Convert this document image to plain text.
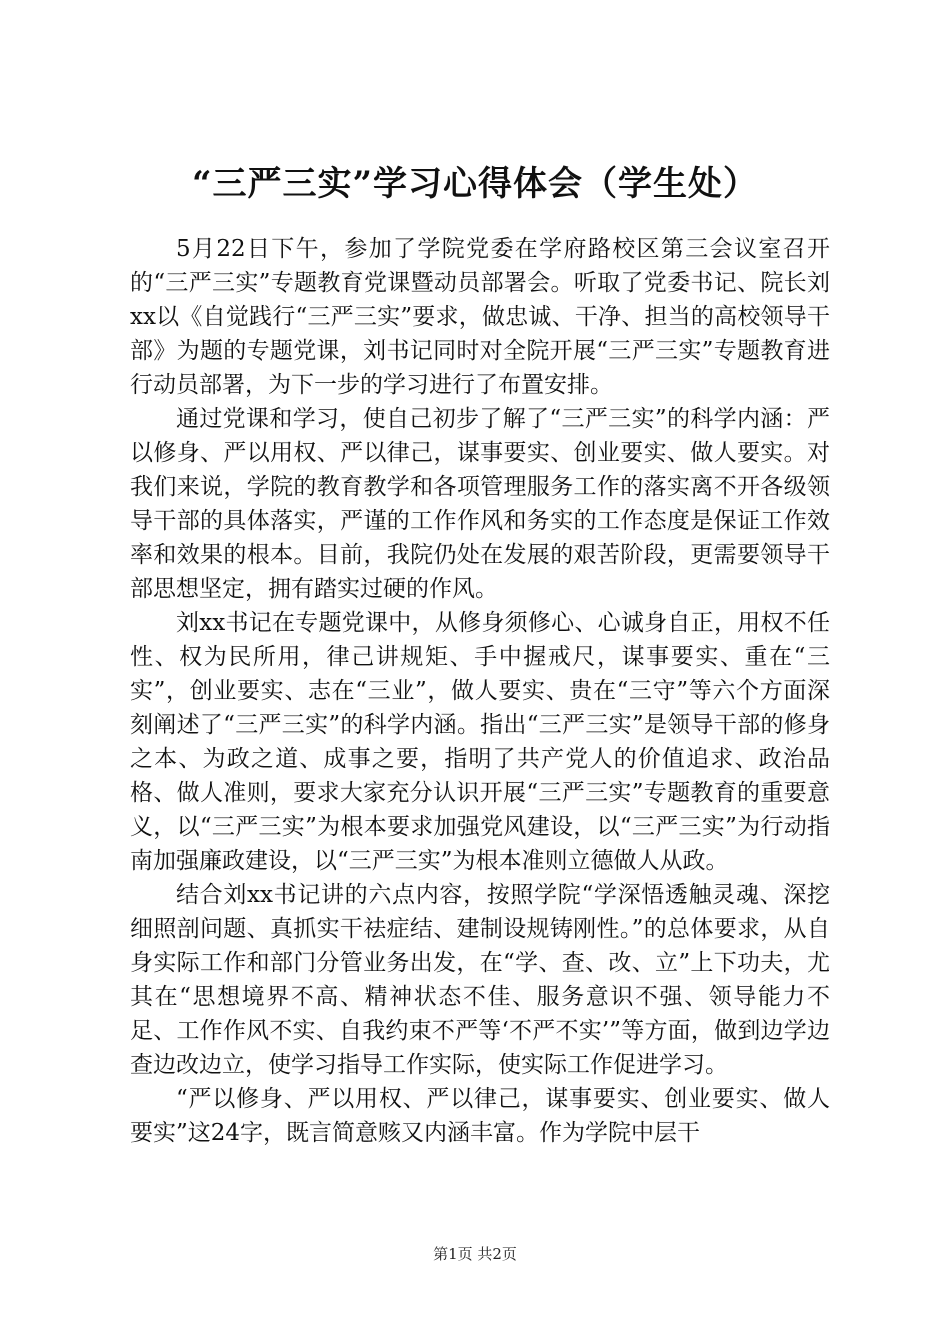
“三严三实”学习心得体会（学生处）

5月22日下午，参加了学院党委在学府路校区第三会议室召开的“三严三实”专题教育党课暨动员部署会。听取了党委书记、院长刘xx以《自觉践行“三严三实”要求，做忠诚、干净、担当的高校领导干部》为题的专题党课，刘书记同时对全院开展“三严三实”专题教育进行动员部署，为下一步的学习进行了布置安排。

通过党课和学习，使自己初步了解了“三严三实”的科学内涵：严以修身、严以用权、严以律己，谋事要实、创业要实、做人要实。对我们来说，学院的教育教学和各项管理服务工作的落实离不开各级领导干部的具体落实，严谨的工作作风和务实的工作态度是保证工作效率和效果的根本。目前，我院仍处在发展的艰苦阶段，更需要领导干部思想坚定，拥有踏实过硬的作风。

刘xx书记在专题党课中，从修身须修心、心诚身自正，用权不任性、权为民所用，律己讲规矩、手中握戒尺，谋事要实、重在“三实”，创业要实、志在“三业”，做人要实、贵在“三守”等六个方面深刻阐述了“三严三实”的科学内涵。指出“三严三实”是领导干部的修身之本、为政之道、成事之要，指明了共产党人的价值追求、政治品格、做人准则，要求大家充分认识开展“三严三实”专题教育的重要意义，以“三严三实”为根本要求加强党风建设，以“三严三实”为行动指南加强廉政建设，以“三严三实”为根本准则立德做人从政。

结合刘xx书记讲的六点内容，按照学院“学深悟透触灵魂、深挖细照剖问题、真抓实干祛症结、建制设规铸刚性。”的总体要求，从自身实际工作和部门分管业务出发，在“学、查、改、立”上下功夫，尤其在“思想境界不高、精神状态不佳、服务意识不强、领导能力不足、工作作风不实、自我约束不严等‘不严不实’”等方面，做到边学边查边改边立，使学习指导工作实际，使实际工作促进学习。

“严以修身、严以用权、严以律己，谋事要实、创业要实、做人要实”这24字，既言简意赅又内涵丰富。作为学院中层干

第1页 共2页
